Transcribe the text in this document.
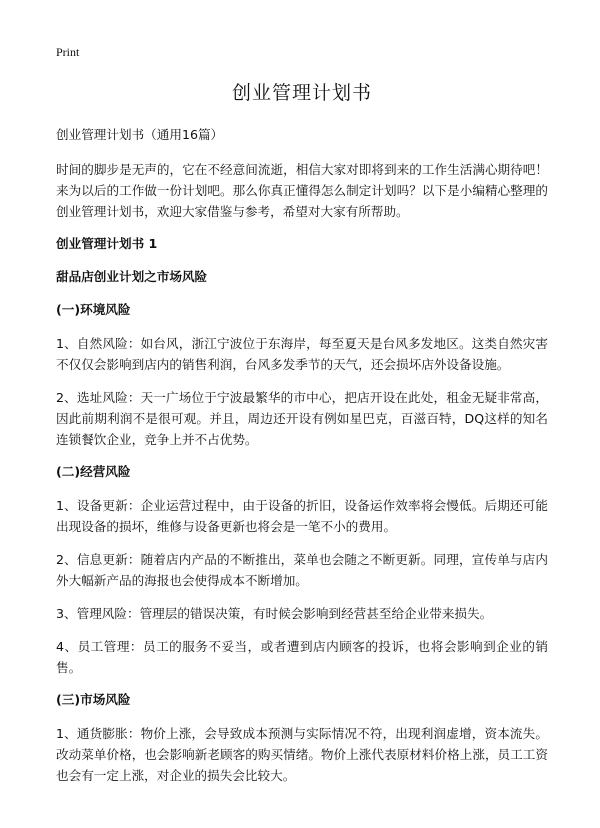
Print
创业管理计划书

创业管理计划书（通用16篇）

时间的脚步是无声的，它在不经意间流逝，相信大家对即将到来的工作生活满心期待吧！来为以后的工作做一份计划吧。那么你真正懂得怎么制定计划吗？以下是小编精心整理的创业管理计划书，欢迎大家借鉴与参考，希望对大家有所帮助。

创业管理计划书 1
甜品店创业计划之市场风险
(一)环境风险

1、自然风险：如台风，浙江宁波位于东海岸，每至夏天是台风多发地区。这类自然灾害不仅仅会影响到店内的销售利润，台风多发季节的天气，还会损坏店外设备设施。

2、选址风险：天一广场位于宁波最繁华的市中心，把店开设在此处，租金无疑非常高，因此前期利润不是很可观。并且，周边还开设有例如星巴克，百滋百特，DQ这样的知名连锁餐饮企业，竞争上并不占优势。

(二)经营风险

1、设备更新：企业运营过程中，由于设备的折旧，设备运作效率将会慢低。后期还可能出现设备的损坏，维修与设备更新也将会是一笔不小的费用。

2、信息更新：随着店内产品的不断推出，菜单也会随之不断更新。同理，宣传单与店内外大幅新产品的海报也会使得成本不断增加。

3、管理风险：管理层的错误决策，有时候会影响到经营甚至给企业带来损失。

4、员工管理：员工的服务不妥当，或者遭到店内顾客的投诉，也将会影响到企业的销售。

(三)市场风险

1、通货膨胀：物价上涨，会导致成本预测与实际情况不符，出现利润虚增，资本流失。改动菜单价格，也会影响新老顾客的购买情绪。物价上涨代表原材料价格上涨，员工工资也会有一定上涨，对企业的损失会比较大。
